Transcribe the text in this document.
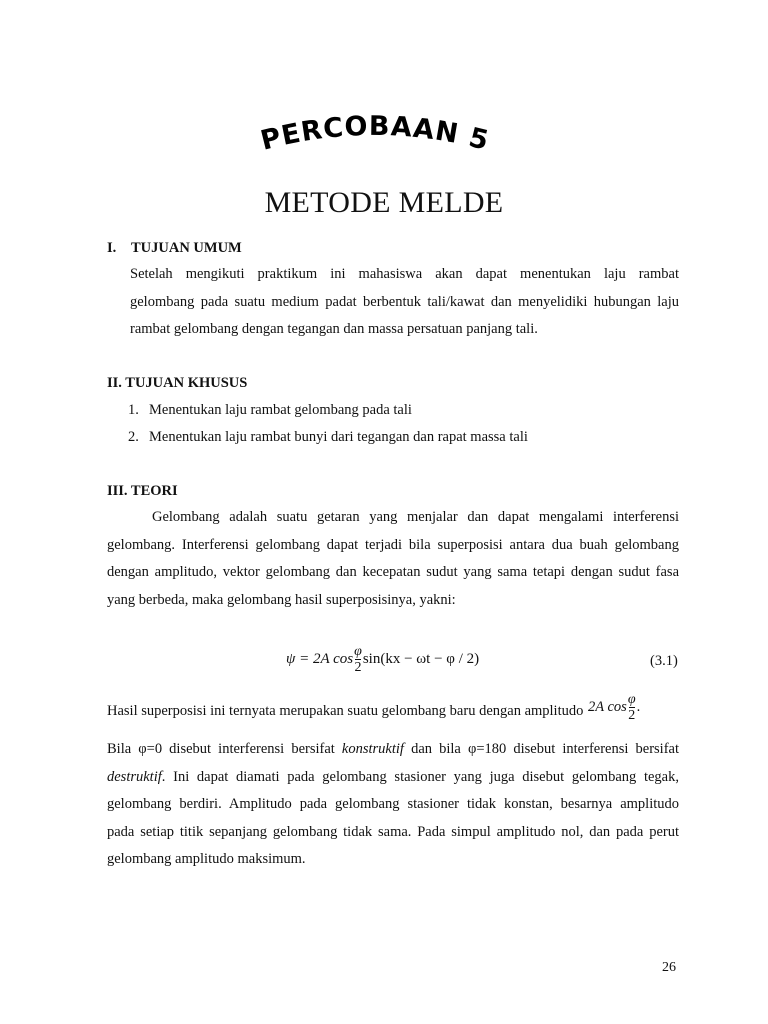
PERCOBAAN 5
METODE MELDE
I. TUJUAN UMUM
Setelah mengikuti praktikum ini mahasiswa akan dapat menentukan laju rambat
gelombang pada suatu medium padat berbentuk tali/kawat dan menyelidiki hubungan laju
rambat gelombang dengan tegangan dan massa persatuan panjang tali.
II. TUJUAN KHUSUS
1. Menentukan laju rambat gelombang pada tali
2. Menentukan laju rambat bunyi dari tegangan dan rapat massa tali
III. TEORI
Gelombang adalah suatu getaran yang menjalar dan dapat mengalami interferensi
gelombang. Interferensi gelombang dapat terjadi bila superposisi antara dua buah gelombang
dengan amplitudo, vektor gelombang dan kecepatan sudut yang sama tetapi dengan sudut fasa
yang berbeda, maka gelombang hasil superposisinya, yakni:
ψ = 2A $\cos \frac{\varphi}{2} \sin(kx - \omega t - \varphi / 2)$	(3.1)
Hasil superposisi ini ternyata merupakan suatu gelombang baru dengan amplitudo 2A $\cos \frac{\varphi}{2}$ .
Bila φ=0 disebut interferensi bersifat konstruktif dan bila φ=180 disebut interferensi bersifat
destruktif. Ini dapat diamati pada gelombang stasioner yang juga disebut gelombang tegak,
gelombang berdiri. Amplitudo pada gelombang stasioner tidak konstan, besarnya amplitudo
pada setiap titik sepanjang gelombang tidak sama. Pada simpul amplitudo nol, dan pada perut
gelombang amplitudo maksimum.
26
